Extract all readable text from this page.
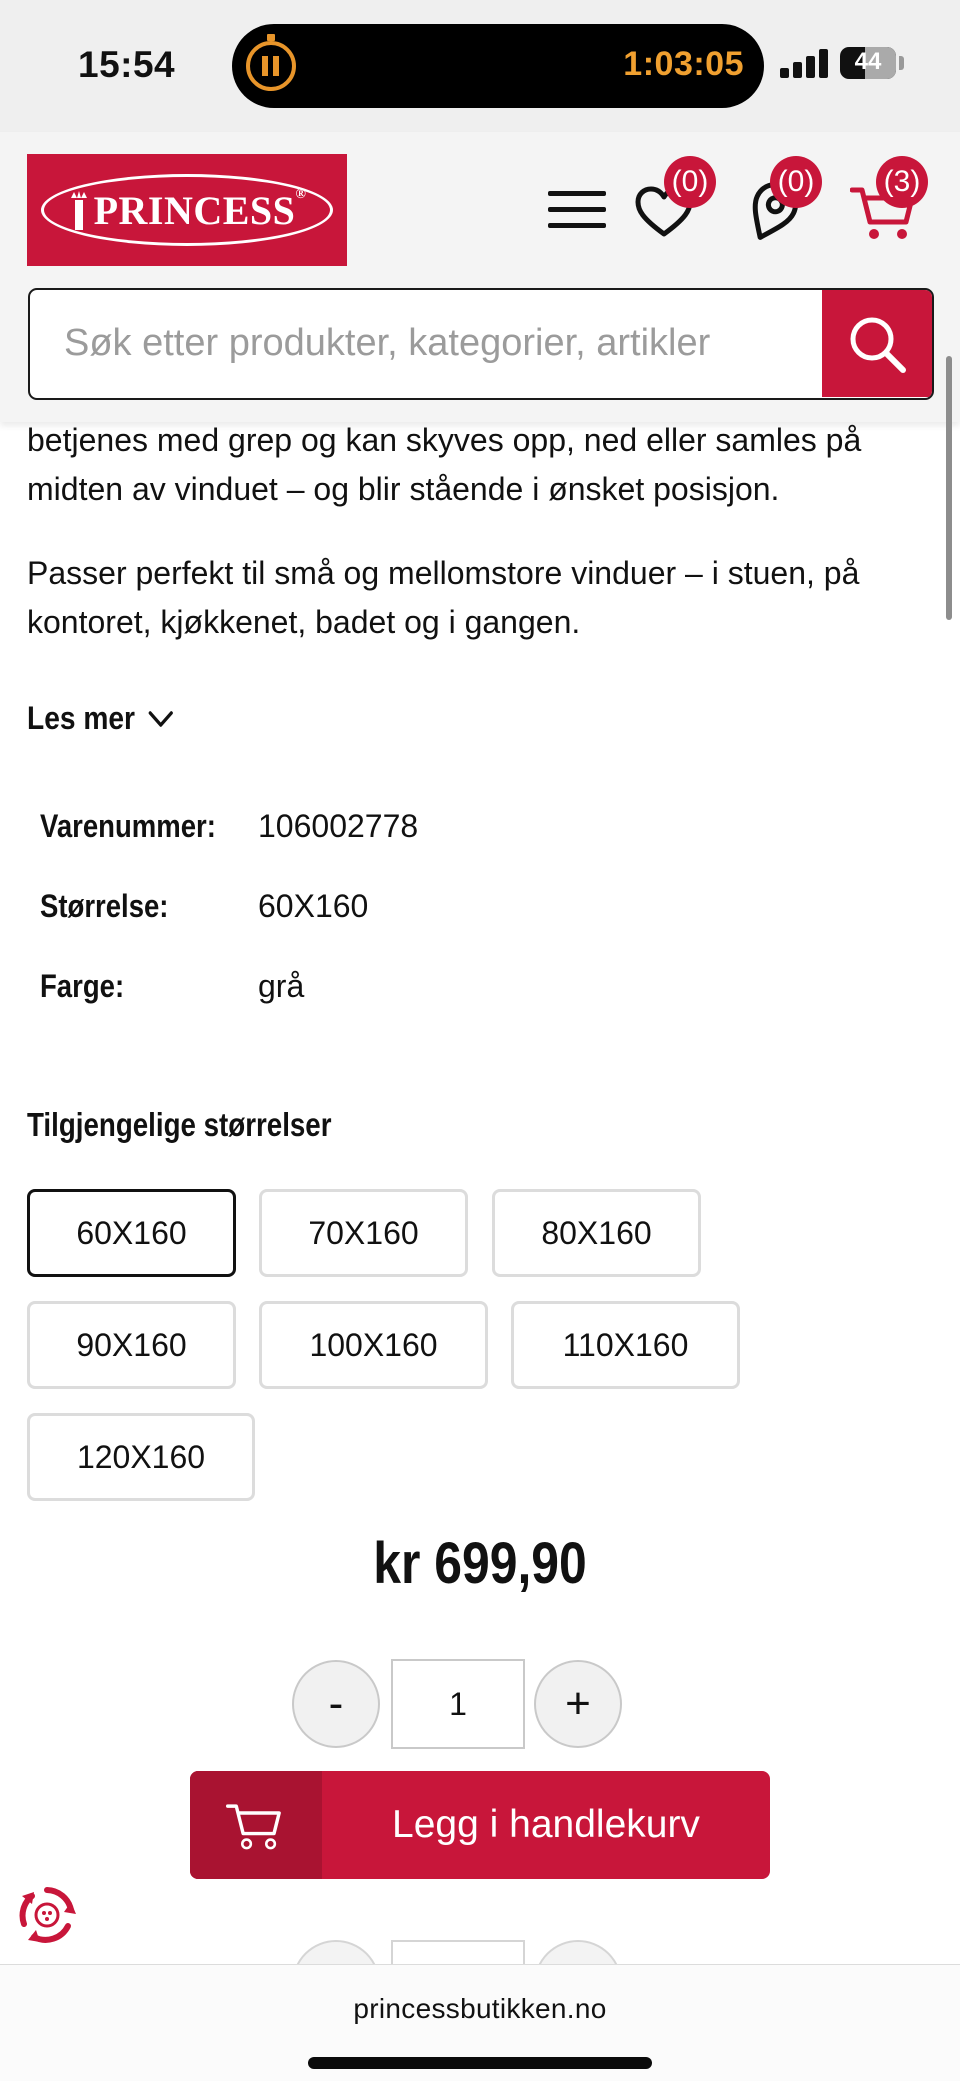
15:54	1:03:05	44
PRINCESS®	(0) (0) (3)
Søk etter produkter, kategorier, artikler

betjenes med grep og kan skyves opp, ned eller samles på midten av vinduet – og blir stående i ønsket posisjon.

Passer perfekt til små og mellomstore vinduer – i stuen, på kontoret, kjøkkenet, badet og i gangen.

Les mer
Varenummer: 106002778
Størrelse:	60X160
Farge:	grå
Tilgjengelige størrelser
60X160	70X160	80X160
90X160	100X160	110X160
120X160
kr 699,90
-
1	+
Legg i handlekurv
princessbutikken.no
